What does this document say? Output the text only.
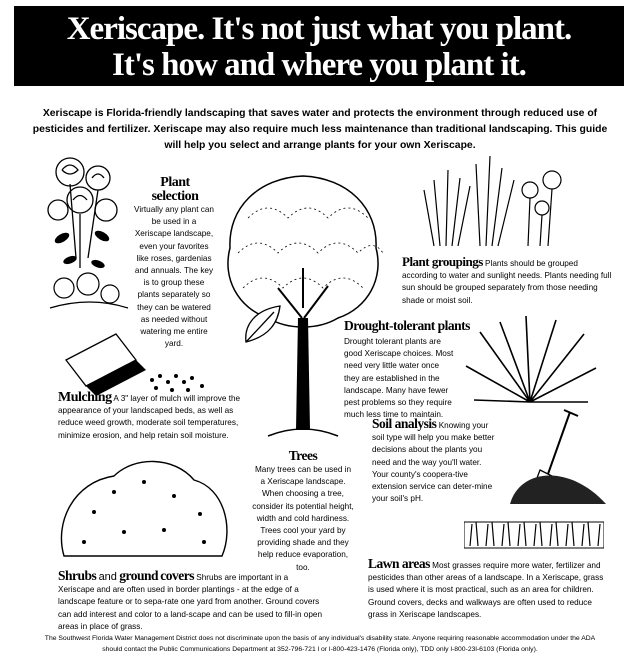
Xeriscape. It's not just what you plant.
It's how and where you plant it.
Xeriscape is Florida-friendly landscaping that saves water and protects the environment through reduced use of pesticides and fertilizer. Xeriscape may also require much less maintenance than traditional landscaping. This guide will help you select and arrange plants for your own Xeriscape.
Plant
selection
Virtually any plant can be used in a Xeriscape landscape, even your favorites like roses, gardenias and annuals. The key is to group these plants separately so they can be watered as needed without watering me entire yard.
Plant groupings Plants should be grouped according to water and sunlight needs. Plants needing full sun should be grouped separately from those needing shade or moist soil.
Drought-tolerant plants
Drought tolerant plants are good Xeriscape choices. Most need very little water once they are established in the landscape. Many have fewer pest problems so they require much less time to maintain.
Mulching A 3" layer of mulch will improve the appearance of your landscaped beds, as well as reduce weed growth, moderate soil temperatures, minimize erosion, and help retain soil moisture.
Trees
Many trees can be used in a Xeriscape landscape. When choosing a tree, consider its potential height, width and cold hardiness. Trees cool your yard by providing shade and they help reduce evaporation, too.
Soil analysis Knowing your soil type will help you make better decisions about the plants you need and the way you'll water. Your county's coopera-tive extension service can deter-mine your soil's pH.
Lawn areas Most grasses require more water, fertilizer and pesticides than other areas of a landscape. In a Xeriscape, grass is used where it is most practical, such as an area for children. Ground covers, decks and walkways are often used to reduce grass in Xeriscape landscapes.
Shrubs and ground covers Shrubs are important in a Xeriscape and are often used in border plantings - at the edge of a landscape feature or to sepa-rate one yard from another. Ground covers can add interest and color to a land-scape and can be used to fill-in open areas in place of grass.
The Southwest Florida Water Management District does not discriminate upon the basis of any individual's disability state. Anyone requiring reasonable accommodation under the ADA should contact the Public Communications Department at 352-796-721 l or l-800-423-1476 (Florida only), TDD only l-800-23l-6103 (Florida only).
